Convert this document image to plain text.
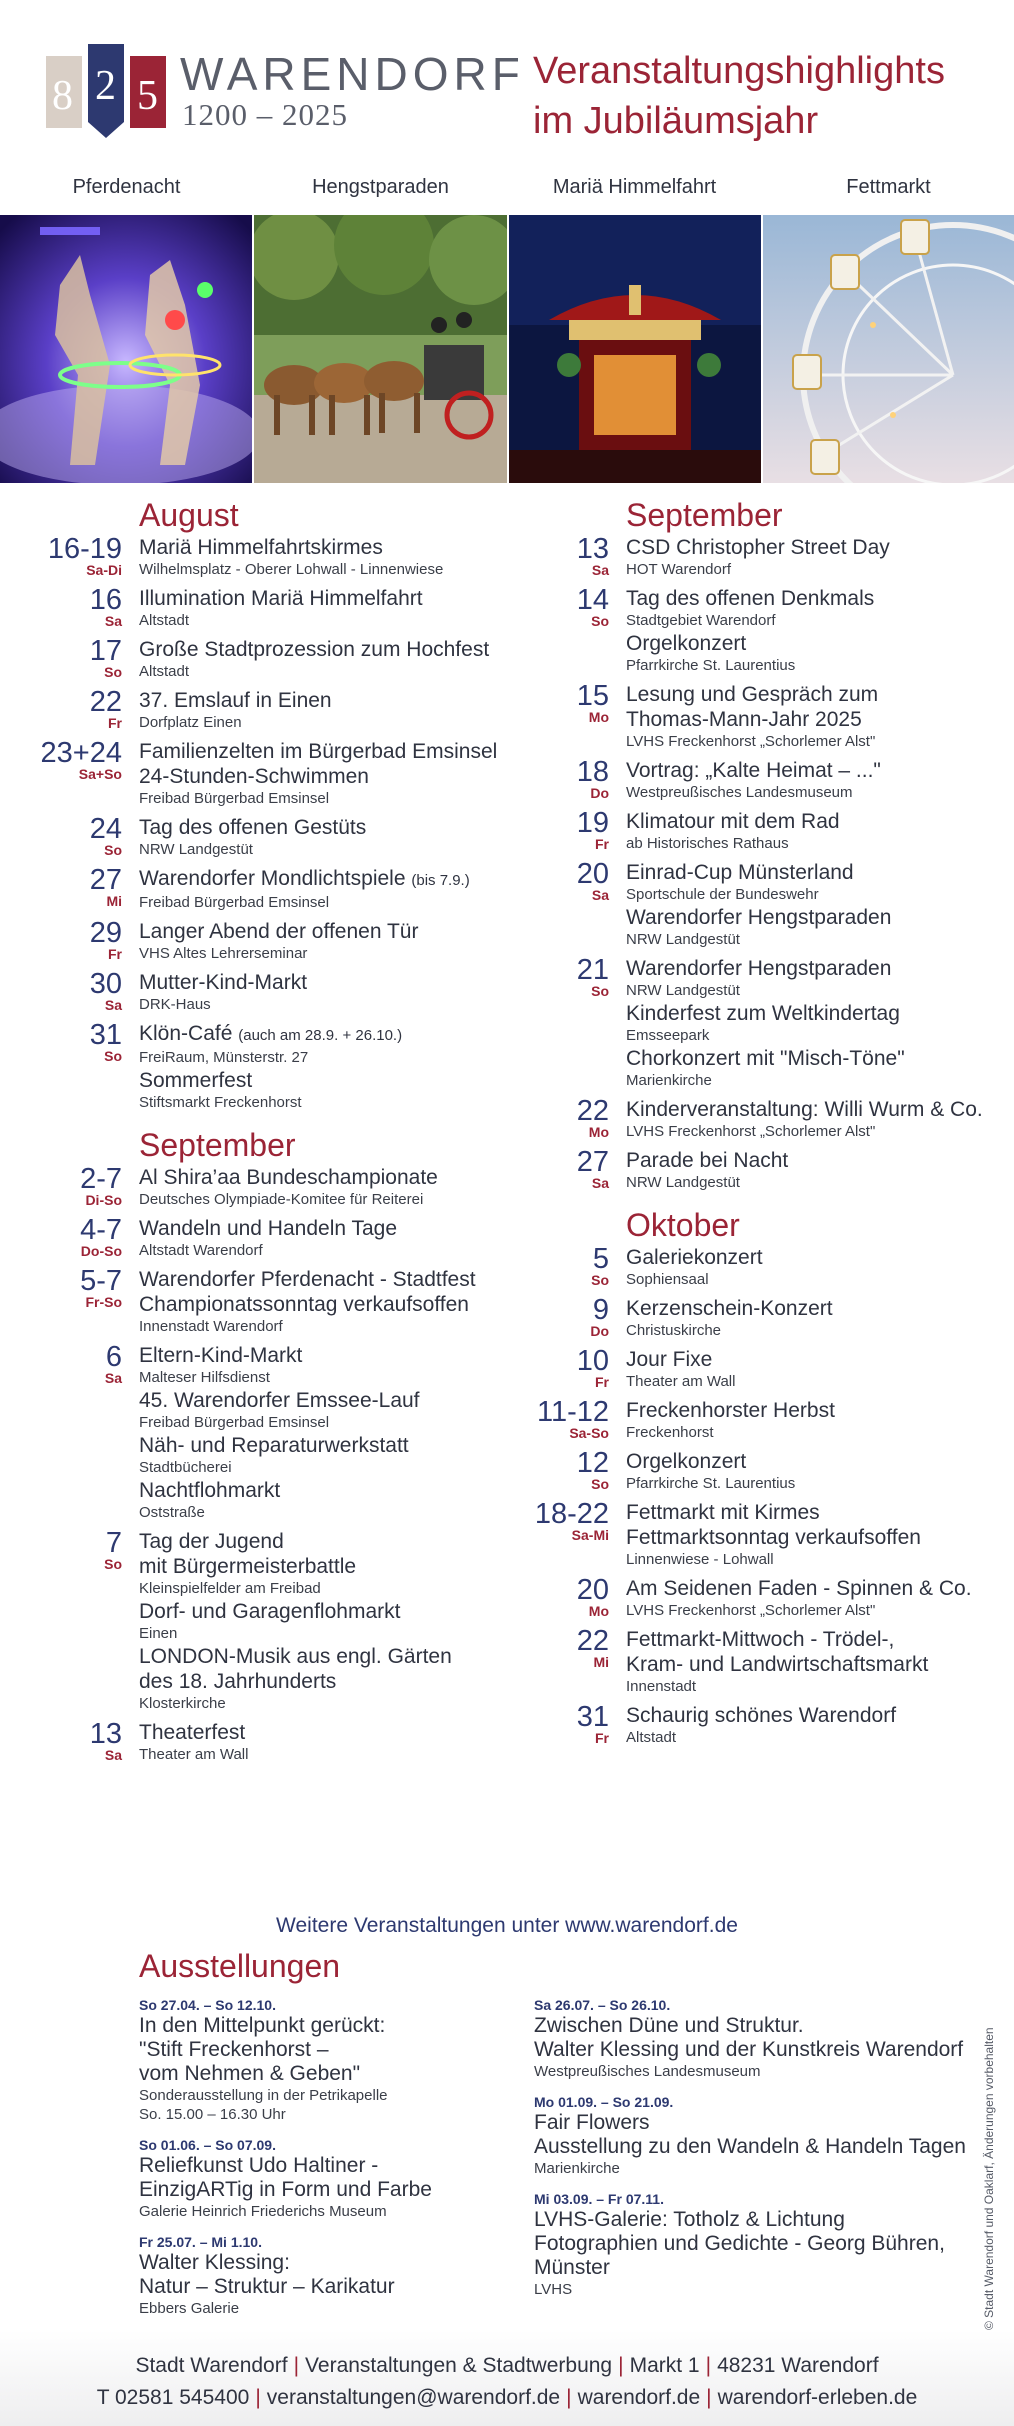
8 2 5 WARENDORF
1200 – 2025
Veranstaltungshighlights
im Jubiläumsjahr
Pferdenacht	Hengstparaden	Mariä Himmelfahrt	Fettmarkt
August
16-19 Mariä Himmelfahrtskirmes
Wilhelmsplatz - Oberer Lohwall - Linnenwiese
Sa-Di
16 Illumination Mariä Himmelfahrt
Altstadt
Sa
17 Große Stadtprozession zum Hochfest
Altstadt
So
22 37. Emslauf in Einen
Dorfplatz Einen
Fr
23+24 Familienzelten im Bürgerbad Emsinsel
24-Stunden-Schwimmen
Freibad Bürgerbad Emsinsel
Sa+So
24 Tag des offenen Gestüts
NRW Landgestüt
So
27 Warendorfer Mondlichtspiele (bis 7.9.)
Freibad Bürgerbad Emsinsel
Mi
29 Langer Abend der offenen Tür
VHS Altes Lehrerseminar
Fr
30 Mutter-Kind-Markt
DRK-Haus
Sa
31 Klön-Café (auch am 28.9. + 26.10.)
FreiRaum, Münsterstr. 27
Sommerfest
Stiftsmarkt Freckenhorst
So
September
2-7 Al Shira’aa Bundeschampionate
Deutsches Olympiade-Komitee für Reiterei
Di-So
4-7 Wandeln und Handeln Tage
Altstadt Warendorf
Do-So
5-7 Warendorfer Pferdenacht - Stadtfest
Championatssonntag verkaufsoffen
Innenstadt Warendorf
Fr-So
6 Eltern-Kind-Markt
Malteser Hilfsdienst
45. Warendorfer Emssee-Lauf
Freibad Bürgerbad Emsinsel
Näh- und Reparaturwerkstatt
Stadtbücherei
Nachtflohmarkt
Oststraße
Sa
7 Tag der Jugend
mit Bürgermeisterbattle
Kleinspielfelder am Freibad
Dorf- und Garagenflohmarkt
Einen
LONDON-Musik aus engl. Gärten
des 18. Jahrhunderts
Klosterkirche
So
13 Theaterfest
Theater am Wall
Sa
September
13 CSD Christopher Street Day
HOT Warendorf
Sa
14 Tag des offenen Denkmals
Stadtgebiet Warendorf
Orgelkonzert
Pfarrkirche St. Laurentius
So
15 Lesung und Gespräch zum
Thomas-Mann-Jahr 2025
LVHS Freckenhorst „Schorlemer Alst"
Mo
18 Vortrag: „Kalte Heimat – ..."
Westpreußisches Landesmuseum
Do
19 Klimatour mit dem Rad
ab Historisches Rathaus
Fr
20 Einrad-Cup Münsterland
Sportschule der Bundeswehr
Warendorfer Hengstparaden
NRW Landgestüt
Sa
21 Warendorfer Hengstparaden
NRW Landgestüt
Kinderfest zum Weltkindertag
Emsseepark
Chorkonzert mit "Misch-Töne"
Marienkirche
So
22 Kinderveranstaltung: Willi Wurm & Co.
LVHS Freckenhorst „Schorlemer Alst"
Mo
27 Parade bei Nacht
NRW Landgestüt
Sa
Oktober
5 Galeriekonzert
Sophiensaal
So
9 Kerzenschein-Konzert
Christuskirche
Do
10 Jour Fixe
Theater am Wall
Fr
11-12 Freckenhorster Herbst
Freckenhorst
Sa-So
12 Orgelkonzert
Pfarrkirche St. Laurentius
So
18-22 Fettmarkt mit Kirmes
Fettmarktsonntag verkaufsoffen
Linnenwiese - Lohwall
Sa-Mi
20 Am Seidenen Faden - Spinnen & Co.
LVHS Freckenhorst „Schorlemer Alst"
Mo
22 Fettmarkt-Mittwoch - Trödel-,
Kram- und Landwirtschaftsmarkt
Innenstadt
Mi
31 Schaurig schönes Warendorf
Altstadt
Fr
Weitere Veranstaltungen unter www.warendorf.de
Ausstellungen
So 27.04. – So 12.10.
In den Mittelpunkt gerückt:
"Stift Freckenhorst –
vom Nehmen & Geben"
Sonderausstellung in der Petrikapelle
So. 15.00 – 16.30 Uhr
So 01.06. – So 07.09.
Reliefkunst Udo Haltiner -
EinzigARTig in Form und Farbe
Galerie Heinrich Friederichs Museum
Fr 25.07. – Mi 1.10.
Walter Klessing:
Natur – Struktur – Karikatur
Ebbers Galerie
Sa 26.07. – So 26.10.
Zwischen Düne und Struktur.
Walter Klessing und der Kunstkreis Warendorf
Westpreußisches Landesmuseum
Mo 01.09. – So 21.09.
Fair Flowers
Ausstellung zu den Wandeln & Handeln Tagen
Marienkirche
Mi 03.09. – Fr 07.11.
LVHS-Galerie: Totholz & Lichtung
Fotographien und Gedichte - Georg Bühren,
Münster
LVHS	© Stadt Warendorf und Oaklarf, Änderungen vorbehalten
Stadt Warendorf | Veranstaltungen & Stadtwerbung | Markt 1 | 48231 Warendorf
T 02581 545400 | veranstaltungen@warendorf.de | warendorf.de | warendorf-erleben.de
